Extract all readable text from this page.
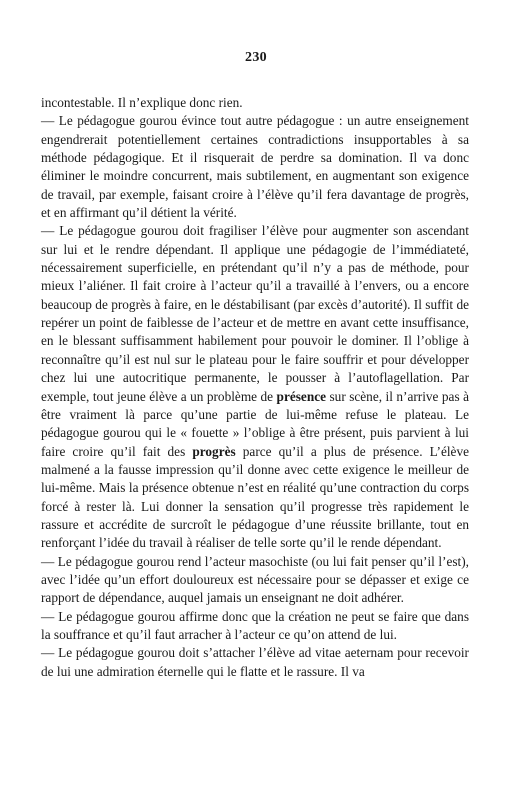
230

incontestable. Il n’explique donc rien.

— Le pédagogue gourou évince tout autre pédagogue : un autre enseignement engendrerait potentiellement certaines contradictions insupportables à sa méthode pédagogique. Et il risquerait de perdre sa domination. Il va donc éliminer le moindre concurrent, mais subtilement, en augmentant son exigence de travail, par exemple, faisant croire à l’élève qu’il fera davantage de progrès, et en affirmant qu’il détient la vérité.

— Le pédagogue gourou doit fragiliser l’élève pour augmenter son ascendant sur lui et le rendre dépendant. Il applique une pédagogie de l’immédiateté, nécessairement superficielle, en prétendant qu’il n’y a pas de méthode, pour mieux l’aliéner. Il fait croire à l’acteur qu’il a travaillé à l’envers, ou a encore beaucoup de progrès à faire, en le déstabilisant (par excès d’autorité). Il suffit de repérer un point de faiblesse de l’acteur et de mettre en avant cette insuffisance, en le blessant suffisamment habilement pour pouvoir le dominer. Il l’oblige à reconnaître qu’il est nul sur le plateau pour le faire souffrir et pour développer chez lui une autocritique permanente, le pousser à l’autoflagellation. Par exemple, tout jeune élève a un problème de présence sur scène, il n’arrive pas à être vraiment là parce qu’une partie de lui-même refuse le plateau. Le pédagogue gourou qui le « fouette » l’oblige à être présent, puis parvient à lui faire croire qu’il fait des progrès parce qu’il a plus de présence. L’élève malmené a la fausse impression qu’il donne avec cette exigence le meilleur de lui-même. Mais la présence obtenue n’est en réalité qu’une contraction du corps forcé à rester là. Lui donner la sensation qu’il progresse très rapidement le rassure et accrédite de surcroît le pédagogue d’une réussite brillante, tout en renforçant l’idée du travail à réaliser de telle sorte qu’il le rende dépendant.

— Le pédagogue gourou rend l’acteur masochiste (ou lui fait penser qu’il l’est), avec l’idée qu’un effort douloureux est nécessaire pour se dépasser et exige ce rapport de dépendance, auquel jamais un enseignant ne doit adhérer.

— Le pédagogue gourou affirme donc que la création ne peut se faire que dans la souffrance et qu’il faut arracher à l’acteur ce qu’on attend de lui.

— Le pédagogue gourou doit s’attacher l’élève ad vitae aeternam pour recevoir de lui une admiration éternelle qui le flatte et le rassure. Il va
